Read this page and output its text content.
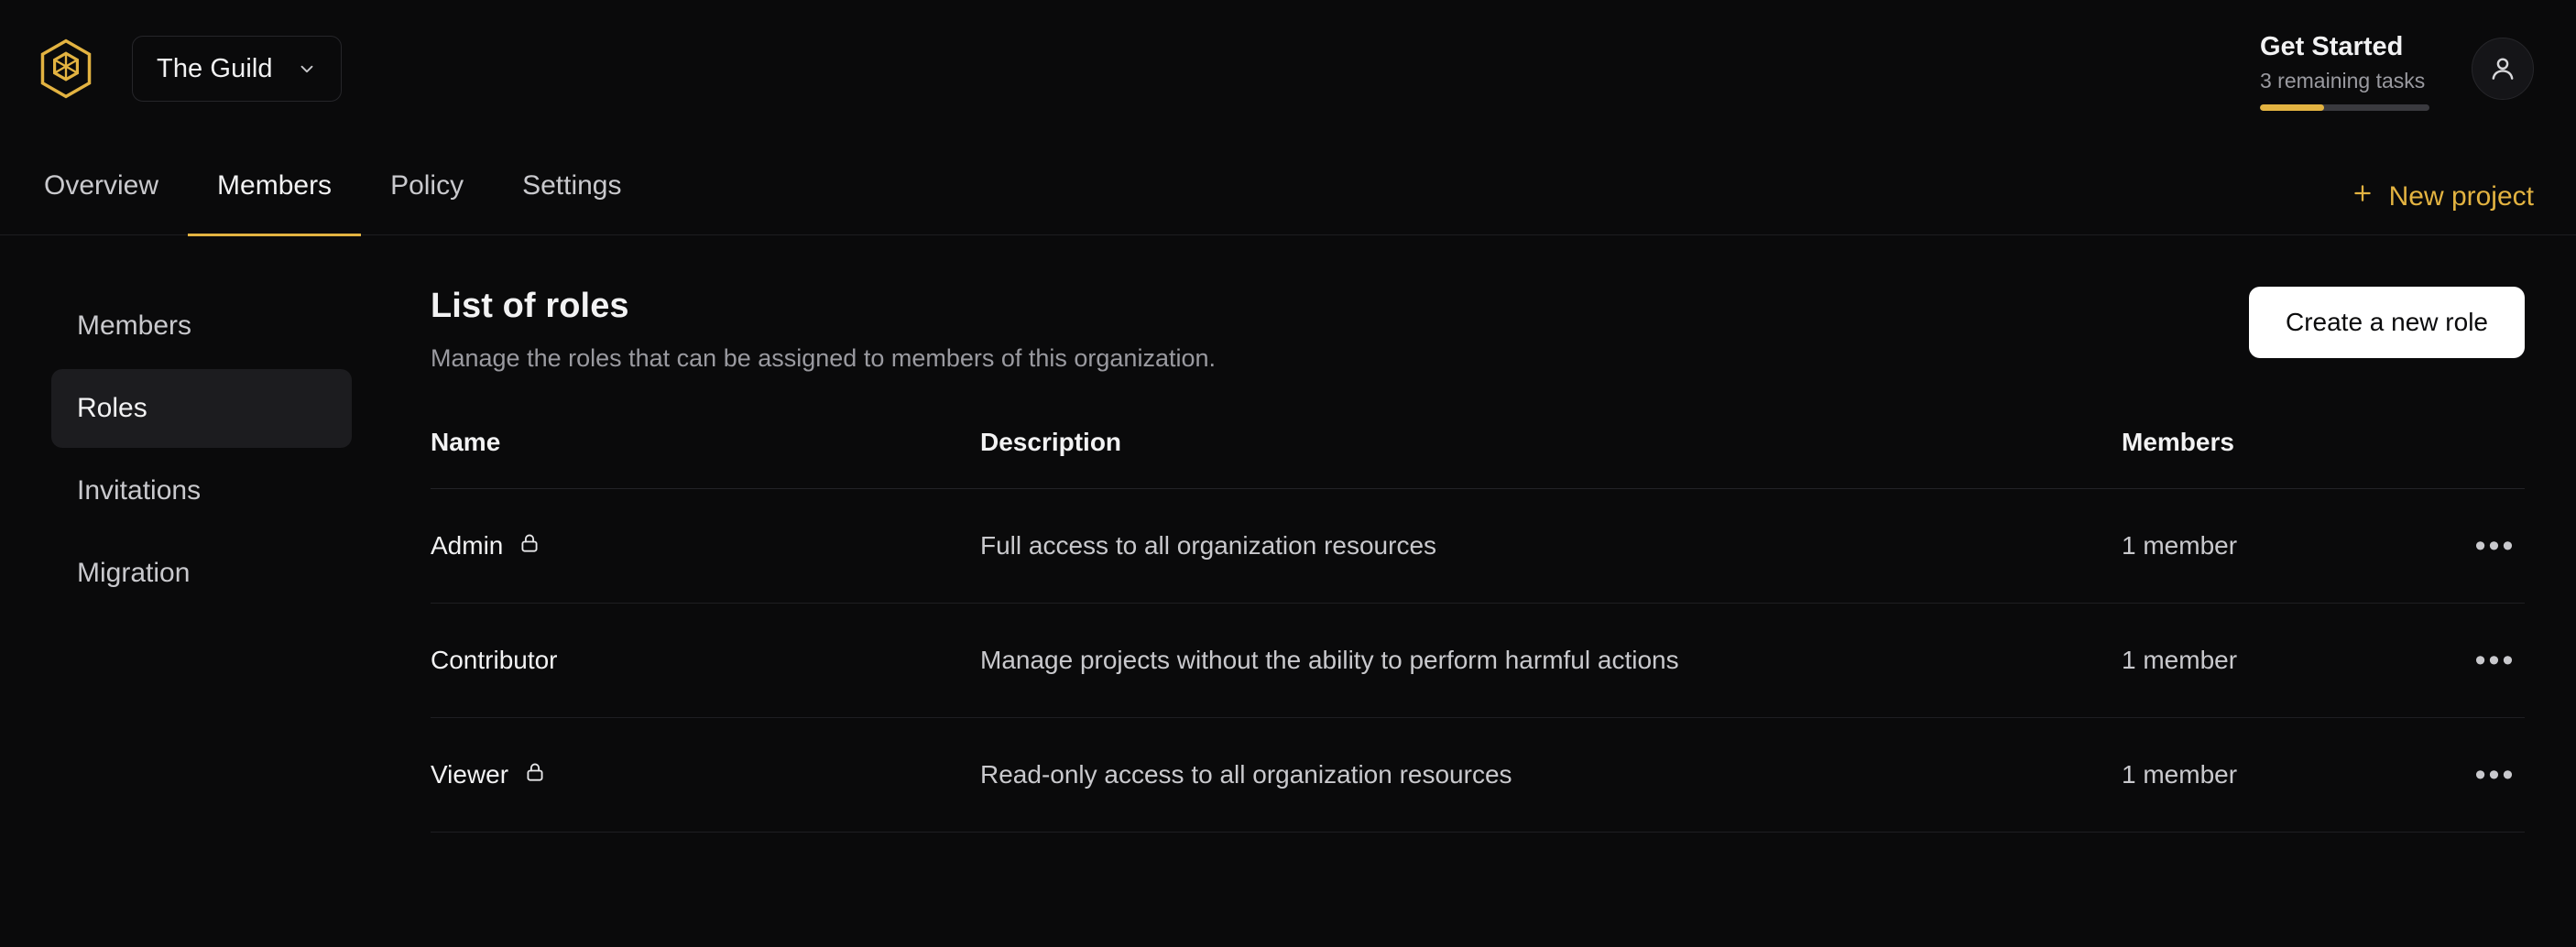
The Guild
Get Started
3 remaining tasks
Overview Members Policy Settings	New project
Members
Roles
Invitations
Migration
List of roles
Manage the roles that can be assigned to members of this organization.
Create a new role
Name	Description	Members	

Admin	Full access to all organization resources	1 member	•••

Contributor	Manage projects without the ability to perform harmful actions	1 member	•••

Viewer	Read-only access to all organization resources	1 member	•••
